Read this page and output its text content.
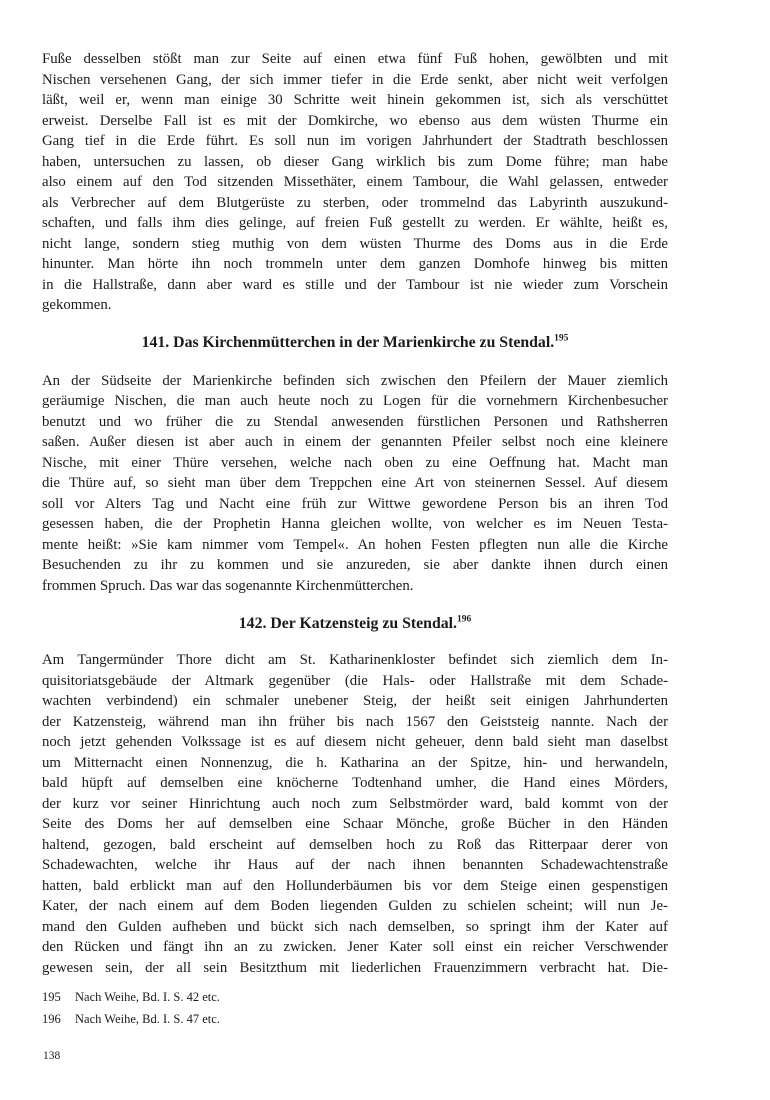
Fuße desselben stößt man zur Seite auf einen etwa fünf Fuß hohen, gewölbten und mit
Nischen versehenen Gang, der sich immer tiefer in die Erde senkt, aber nicht weit verfolgen
läßt, weil er, wenn man einige 30 Schritte weit hinein gekommen ist, sich als verschüttet
erweist. Derselbe Fall ist es mit der Domkirche, wo ebenso aus dem wüsten Thurme ein
Gang tief in die Erde führt. Es soll nun im vorigen Jahrhundert der Stadtrath beschlossen
haben, untersuchen zu lassen, ob dieser Gang wirklich bis zum Dome führe; man habe
also einem auf den Tod sitzenden Missethäter, einem Tambour, die Wahl gelassen, entweder
als Verbrecher auf dem Blutgerüste zu sterben, oder trommelnd das Labyrinth auszukund-
schaften, und falls ihm dies gelinge, auf freien Fuß gestellt zu werden. Er wählte, heißt es,
nicht lange, sondern stieg muthig von dem wüsten Thurme des Doms aus in die Erde
hinunter. Man hörte ihn noch trommeln unter dem ganzen Domhofe hinweg bis mitten
in die Hallstraße, dann aber ward es stille und der Tambour ist nie wieder zum Vorschein
gekommen.
141. Das Kirchenmütterchen in der Marienkirche zu Stendal.$^{195}$
An der Südseite der Marienkirche befinden sich zwischen den Pfeilern der Mauer ziemlich
geräumige Nischen, die man auch heute noch zu Logen für die vornehmern Kirchenbesucher
benutzt und wo früher die zu Stendal anwesenden fürstlichen Personen und Rathsherren
saßen. Außer diesen ist aber auch in einem der genannten Pfeiler selbst noch eine kleinere
Nische, mit einer Thüre versehen, welche nach oben zu eine Oeffnung hat. Macht man
die Thüre auf, so sieht man über dem Treppchen eine Art von steinernen Sessel. Auf diesem
soll vor Alters Tag und Nacht eine früh zur Wittwe gewordene Person bis an ihren Tod
gesessen haben, die der Prophetin Hanna gleichen wollte, von welcher es im Neuen Testa-
mente heißt: »Sie kam nimmer vom Tempel«. An hohen Festen pflegten nun alle die Kirche
Besuchenden zu ihr zu kommen und sie anzureden, sie aber dankte ihnen durch einen
frommen Spruch. Das war das sogenannte Kirchenmütterchen.
142. Der Katzensteig zu Stendal.$^{196}$
Am Tangermünder Thore dicht am St. Katharinenkloster befindet sich ziemlich dem In-
quisitoriatsgebäude der Altmark gegenüber (die Hals- oder Hallstraße mit dem Schade-
wachten verbindend) ein schmaler unebener Steig, der heißt seit einigen Jahrhunderten
der Katzensteig, während man ihn früher bis nach 1567 den Geiststeig nannte. Nach der
noch jetzt gehenden Volkssage ist es auf diesem nicht geheuer, denn bald sieht man daselbst
um Mitternacht einen Nonnenzug, die h. Katharina an der Spitze, hin- und herwandeln,
bald hüpft auf demselben eine knöcherne Todtenhand umher, die Hand eines Mörders,
der kurz vor seiner Hinrichtung auch noch zum Selbstmörder ward, bald kommt von der
Seite des Doms her auf demselben eine Schaar Mönche, große Bücher in den Händen
haltend, gezogen, bald erscheint auf demselben hoch zu Roß das Ritterpaar derer von
Schadewachten, welche ihr Haus auf der nach ihnen benannten Schadewachtenstraße
hatten, bald erblickt man auf den Hollunderbäumen bis vor dem Steige einen gespenstigen
Kater, der nach einem auf dem Boden liegenden Gulden zu schielen scheint; will nun Je-
mand den Gulden aufheben und bückt sich nach demselben, so springt ihm der Kater auf
den Rücken und fängt ihn an zu zwicken. Jener Kater soll einst ein reicher Verschwender
gewesen sein, der all sein Besitzthum mit liederlichen Frauenzimmern verbracht hat. Die-
195 Nach Weihe, Bd. I. S. 42 etc.
196 Nach Weihe, Bd. I. S. 47 etc.
138
